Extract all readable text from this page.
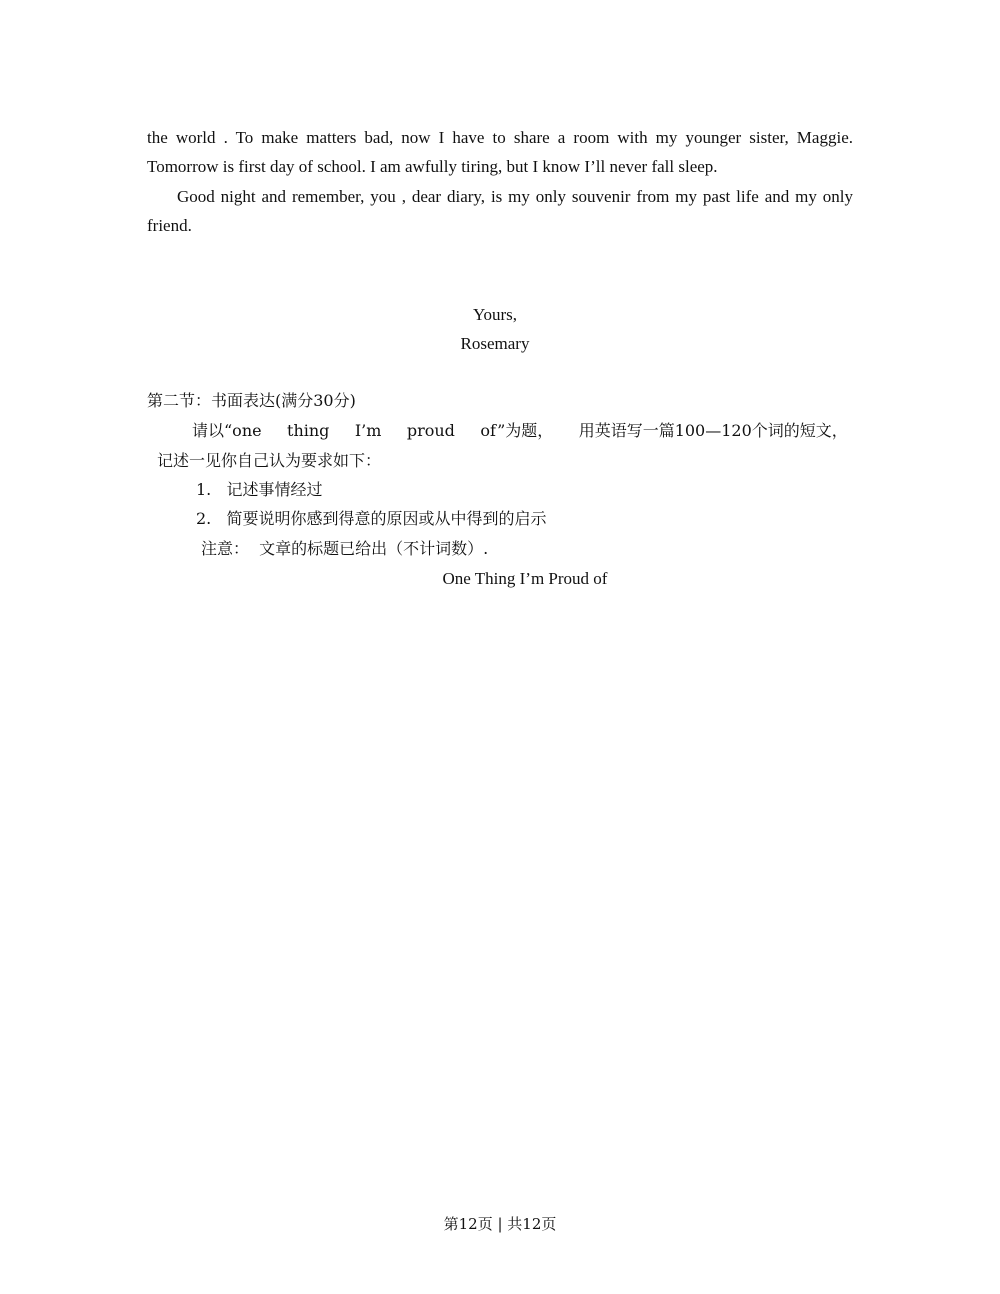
the world . To make matters bad, now I have to share a room with my younger sister, Maggie.
Tomorrow is first day of school. I am awfully tiring, but I know I’ll never fall sleep.
Good night and remember, you , dear diary, is my only souvenir from my past life and my only
friend.
Yours,
Rosemary
第二节：书面表达(满分30分)
请以“one     thing     I’m     proud     of”为题，     用英语写一篇100—120个词的短文，
记述一见你自己认为要求如下：
1.   记述事情经过
2.   简要说明你感到得意的原因或从中得到的启示
注意：  文章的标题已给出（不计词数）.
One Thing I’m Proud of
第12页 | 共12页
